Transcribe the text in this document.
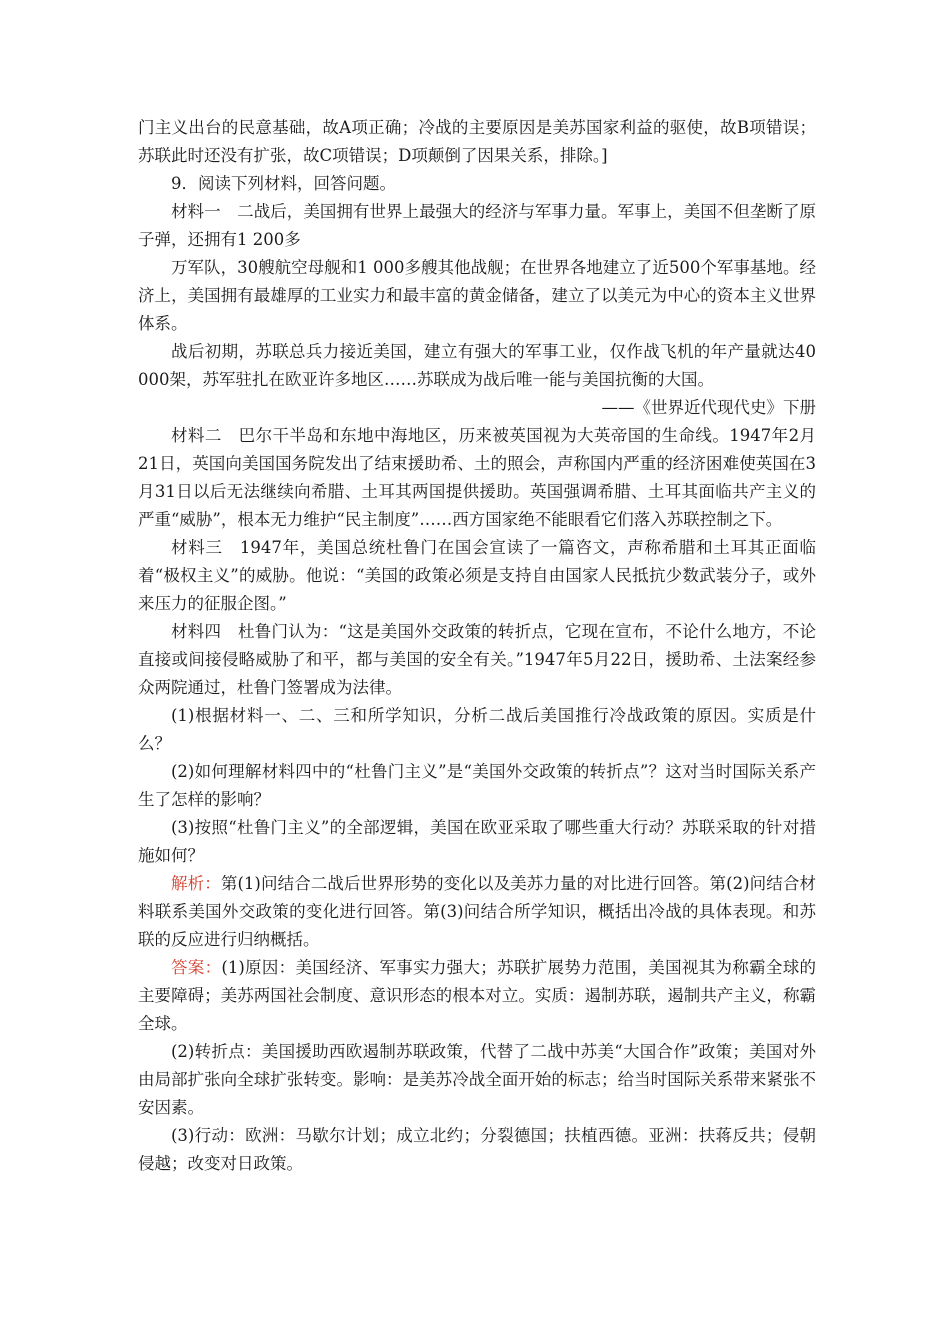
门主义出台的民意基础，故A项正确；冷战的主要原因是美苏国家利益的驱使，故B项错误；苏联此时还没有扩张，故C项错误；D项颠倒了因果关系，排除。]

9．阅读下列材料，回答问题。

材料一　二战后，美国拥有世界上最强大的经济与军事力量。军事上，美国不但垄断了原子弹，还拥有1 200多

万军队，30艘航空母舰和1 000多艘其他战舰；在世界各地建立了近500个军事基地。经济上，美国拥有最雄厚的工业实力和最丰富的黄金储备，建立了以美元为中心的资本主义世界体系。

战后初期，苏联总兵力接近美国，建立有强大的军事工业，仅作战飞机的年产量就达40 000架，苏军驻扎在欧亚许多地区……苏联成为战后唯一能与美国抗衡的大国。

——《世界近代现代史》下册

材料二　巴尔干半岛和东地中海地区，历来被英国视为大英帝国的生命线。1947年2月21日，英国向美国国务院发出了结束援助希、土的照会，声称国内严重的经济困难使英国在3月31日以后无法继续向希腊、土耳其两国提供援助。英国强调希腊、土耳其面临共产主义的严重“威胁”，根本无力维护“民主制度”……西方国家绝不能眼看它们落入苏联控制之下。

材料三　1947年，美国总统杜鲁门在国会宣读了一篇咨文，声称希腊和土耳其正面临着“极权主义”的威胁。他说：“美国的政策必须是支持自由国家人民抵抗少数武装分子，或外来压力的征服企图。”

材料四　杜鲁门认为：“这是美国外交政策的转折点，它现在宣布，不论什么地方，不论直接或间接侵略威胁了和平，都与美国的安全有关。”1947年5月22日，援助希、土法案经参众两院通过，杜鲁门签署成为法律。

(1)根据材料一、二、三和所学知识，分析二战后美国推行冷战政策的原因。实质是什么？

(2)如何理解材料四中的“杜鲁门主义”是“美国外交政策的转折点”？这对当时国际关系产生了怎样的影响？

(3)按照“杜鲁门主义”的全部逻辑，美国在欧亚采取了哪些重大行动？苏联采取的针对措施如何？

解析：第(1)问结合二战后世界形势的变化以及美苏力量的对比进行回答。第(2)问结合材料联系美国外交政策的变化进行回答。第(3)问结合所学知识，概括出冷战的具体表现。和苏联的反应进行归纳概括。

答案：(1)原因：美国经济、军事实力强大；苏联扩展势力范围，美国视其为称霸全球的主要障碍；美苏两国社会制度、意识形态的根本对立。实质：遏制苏联，遏制共产主义，称霸全球。

(2)转折点：美国援助西欧遏制苏联政策，代替了二战中苏美“大国合作”政策；美国对外由局部扩张向全球扩张转变。影响：是美苏冷战全面开始的标志；给当时国际关系带来紧张不安因素。

(3)行动：欧洲：马歇尔计划；成立北约；分裂德国；扶植西德。亚洲：扶蒋反共；侵朝侵越；改变对日政策。
